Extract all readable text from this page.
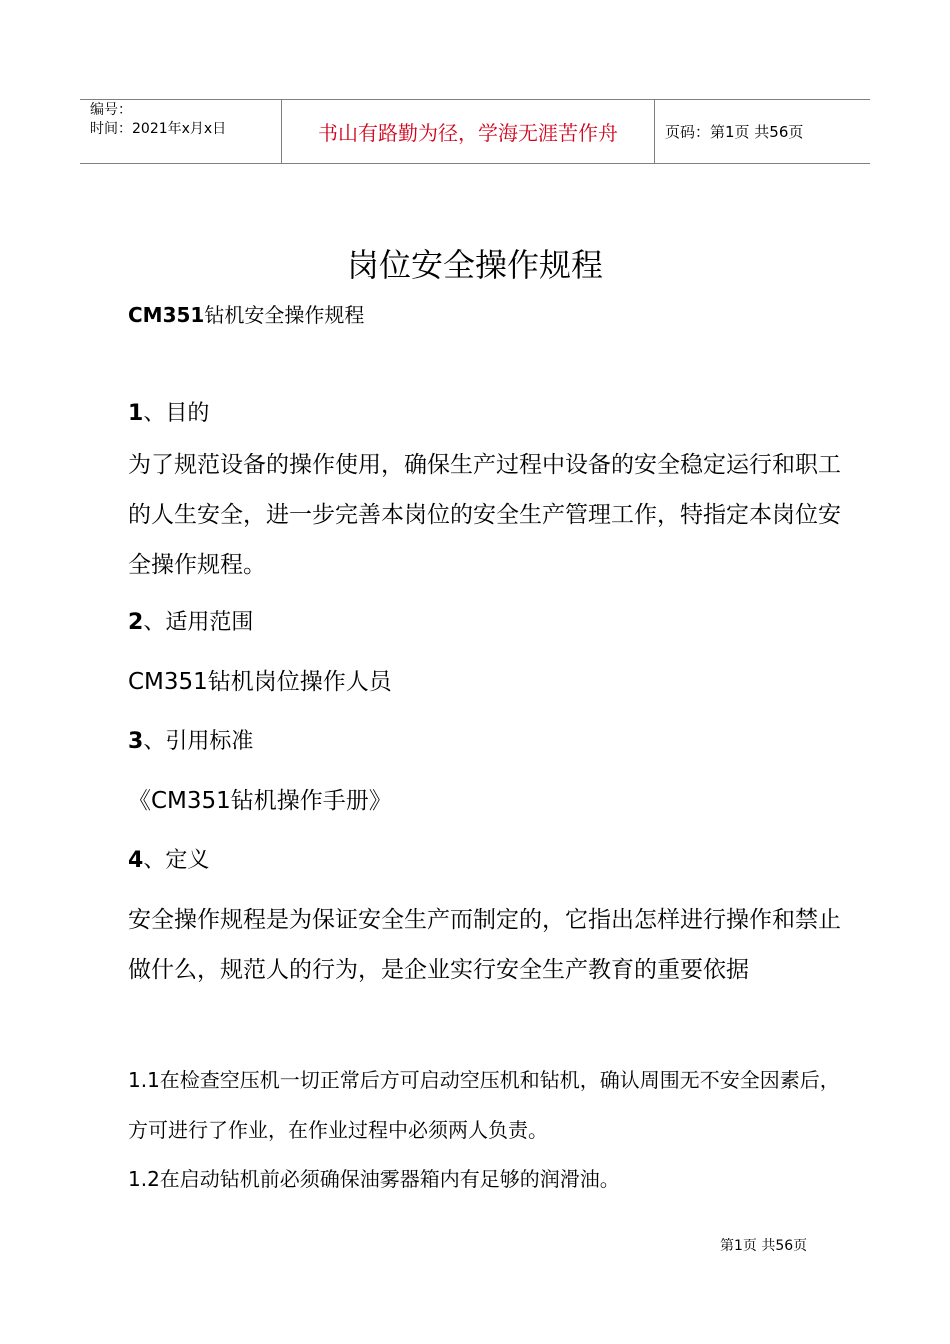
编号：
时间：2021年x月x日	书山有路勤为径，学海无涯苦作舟	页码：第1页 共56页
岗位安全操作规程
CM351钻机安全操作规程
1、目的
为了规范设备的操作使用，确保生产过程中设备的安全稳定运行和职工的人生安全，进一步完善本岗位的安全生产管理工作，特指定本岗位安全操作规程。
2、适用范围
CM351钻机岗位操作人员
3、引用标准
《CM351钻机操作手册》
4、定义
安全操作规程是为保证安全生产而制定的，它指出怎样进行操作和禁止做什么，规范人的行为，是企业实行安全生产教育的重要依据
1.1在检查空压机一切正常后方可启动空压机和钻机，确认周围无不安全因素后，方可进行了作业，在作业过程中必须两人负责。
1.2在启动钻机前必须确保油雾器箱内有足够的润滑油。
第1页 共56页
